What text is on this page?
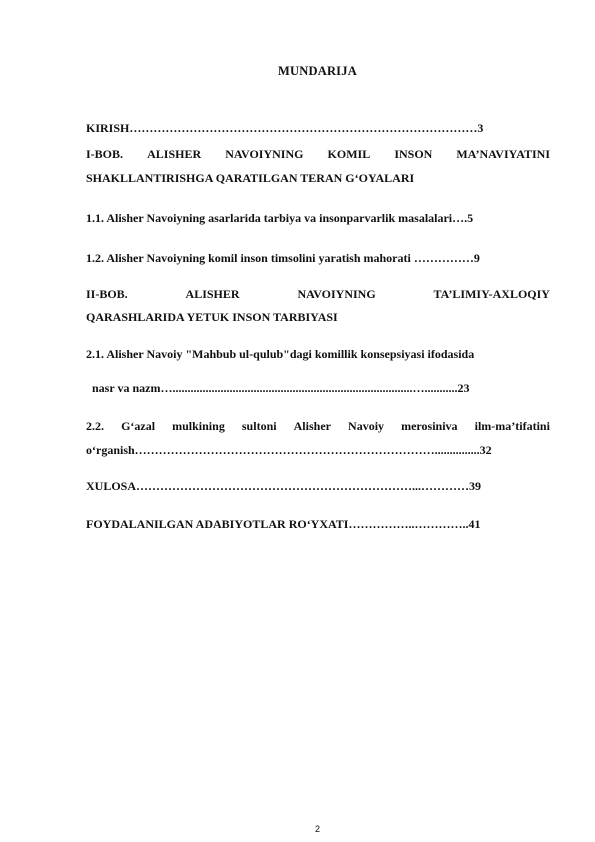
MUNDARIJA
KIRISH……………………………………………………………………………3
I-BOB. ALISHER NAVOIYNING KOMIL INSON MA’NAVIYATINI
SHAKLLANTIRISHGA QARATILGAN TERAN G‘OYALARI
1.1. Alisher Navoiyning asarlarida tarbiya va insonparvarlik masalalari….5
1.2. Alisher Navoiyning komil inson timsolini yaratish mahorati ……………9
II-BOB.	ALISHER	NAVOIYNING	TA’LIMIY-AXLOQIY
QARASHLARIDA YETUK INSON TARBIYASI
2.1. Alisher Navoiy "Mahbub ul-qulub"dagi komillik konsepsiyasi ifodasida
nasr va nazm…................................................................................…...........23
2.2. G‘azal mulkining sultoni Alisher Navoiy merosiniva ilm-ma’tifatini
o‘rganish…………………………………………………………………...............32
XULOSA……………………………………………………………...…………39
FOYDALANILGAN ADABIYOTLAR RO‘YXATI……………..…………..41
2
